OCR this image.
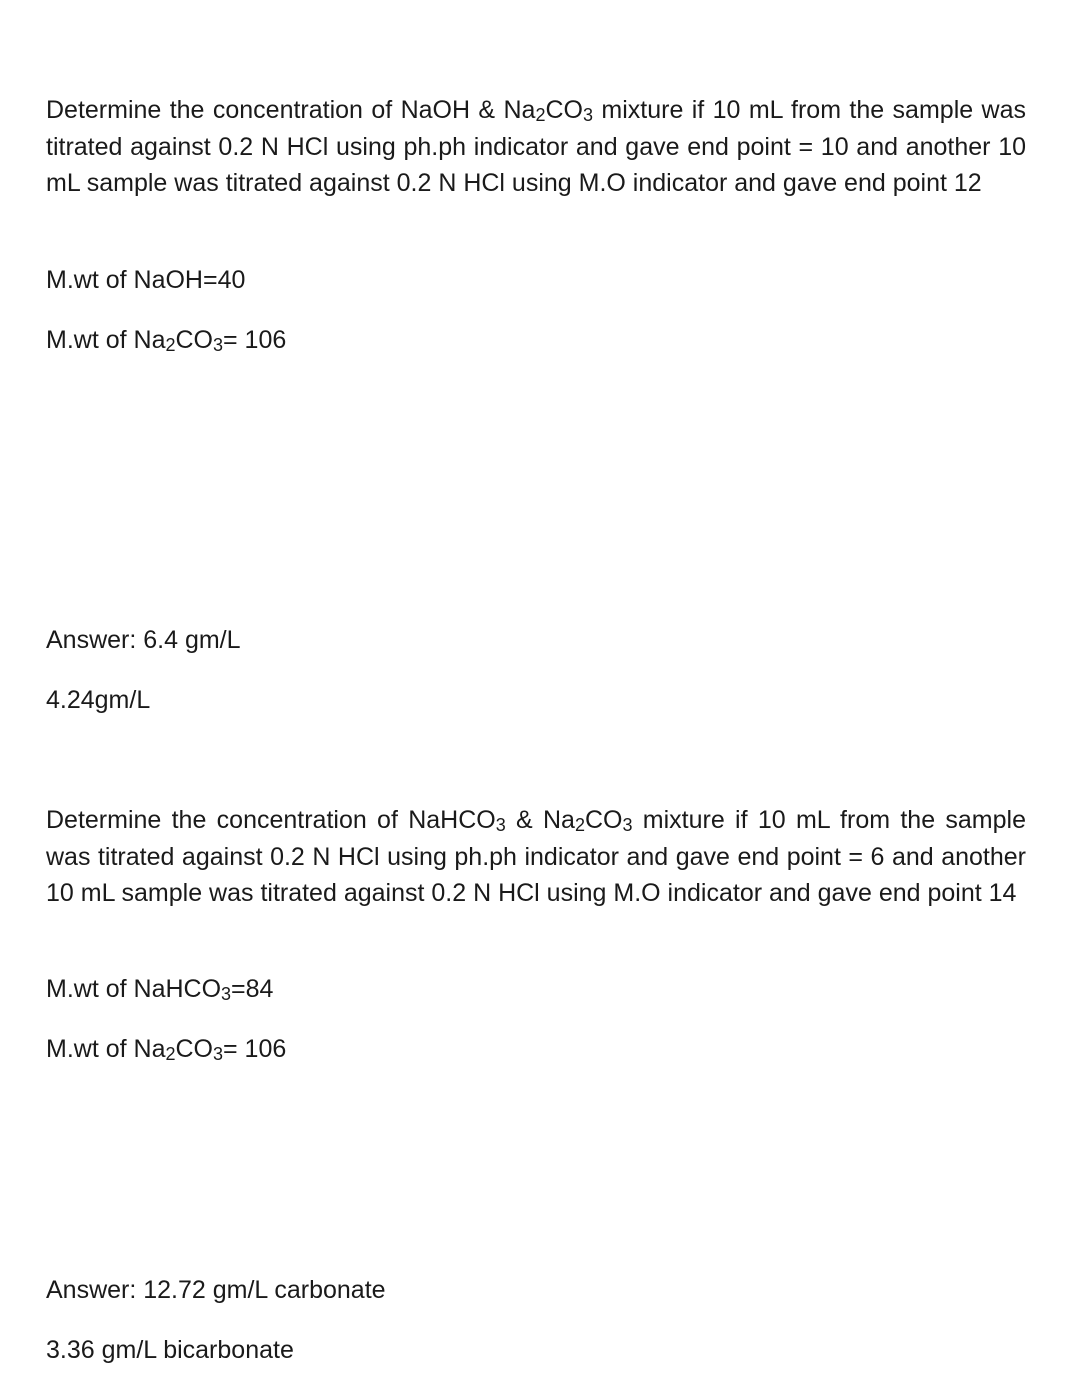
Determine the concentration of NaOH & $Na_2CO_3$ mixture if 10 mL from the sample was titrated against 0.2 N HCl using ph.ph indicator and gave end point = 10 and another 10 mL sample was titrated against 0.2 N HCl using M.O indicator and gave end point 12

M.wt of NaOH=40

M.wt of $Na_2CO_3= 106$

Answer: 6.4 gm/L

4.24gm/L

Determine the concentration of NaHCO$_3$ & $Na_2CO_3$ mixture if 10 mL from the sample was titrated against 0.2 N HCl using ph.ph indicator and gave end point = 6 and another 10 mL sample was titrated against 0.2 N HCl using M.O indicator and gave end point 14

M.wt of NaHCO$_3$=84

M.wt of $Na_2CO_3= 106$

Answer: 12.72 gm/L carbonate

3.36 gm/L bicarbonate
